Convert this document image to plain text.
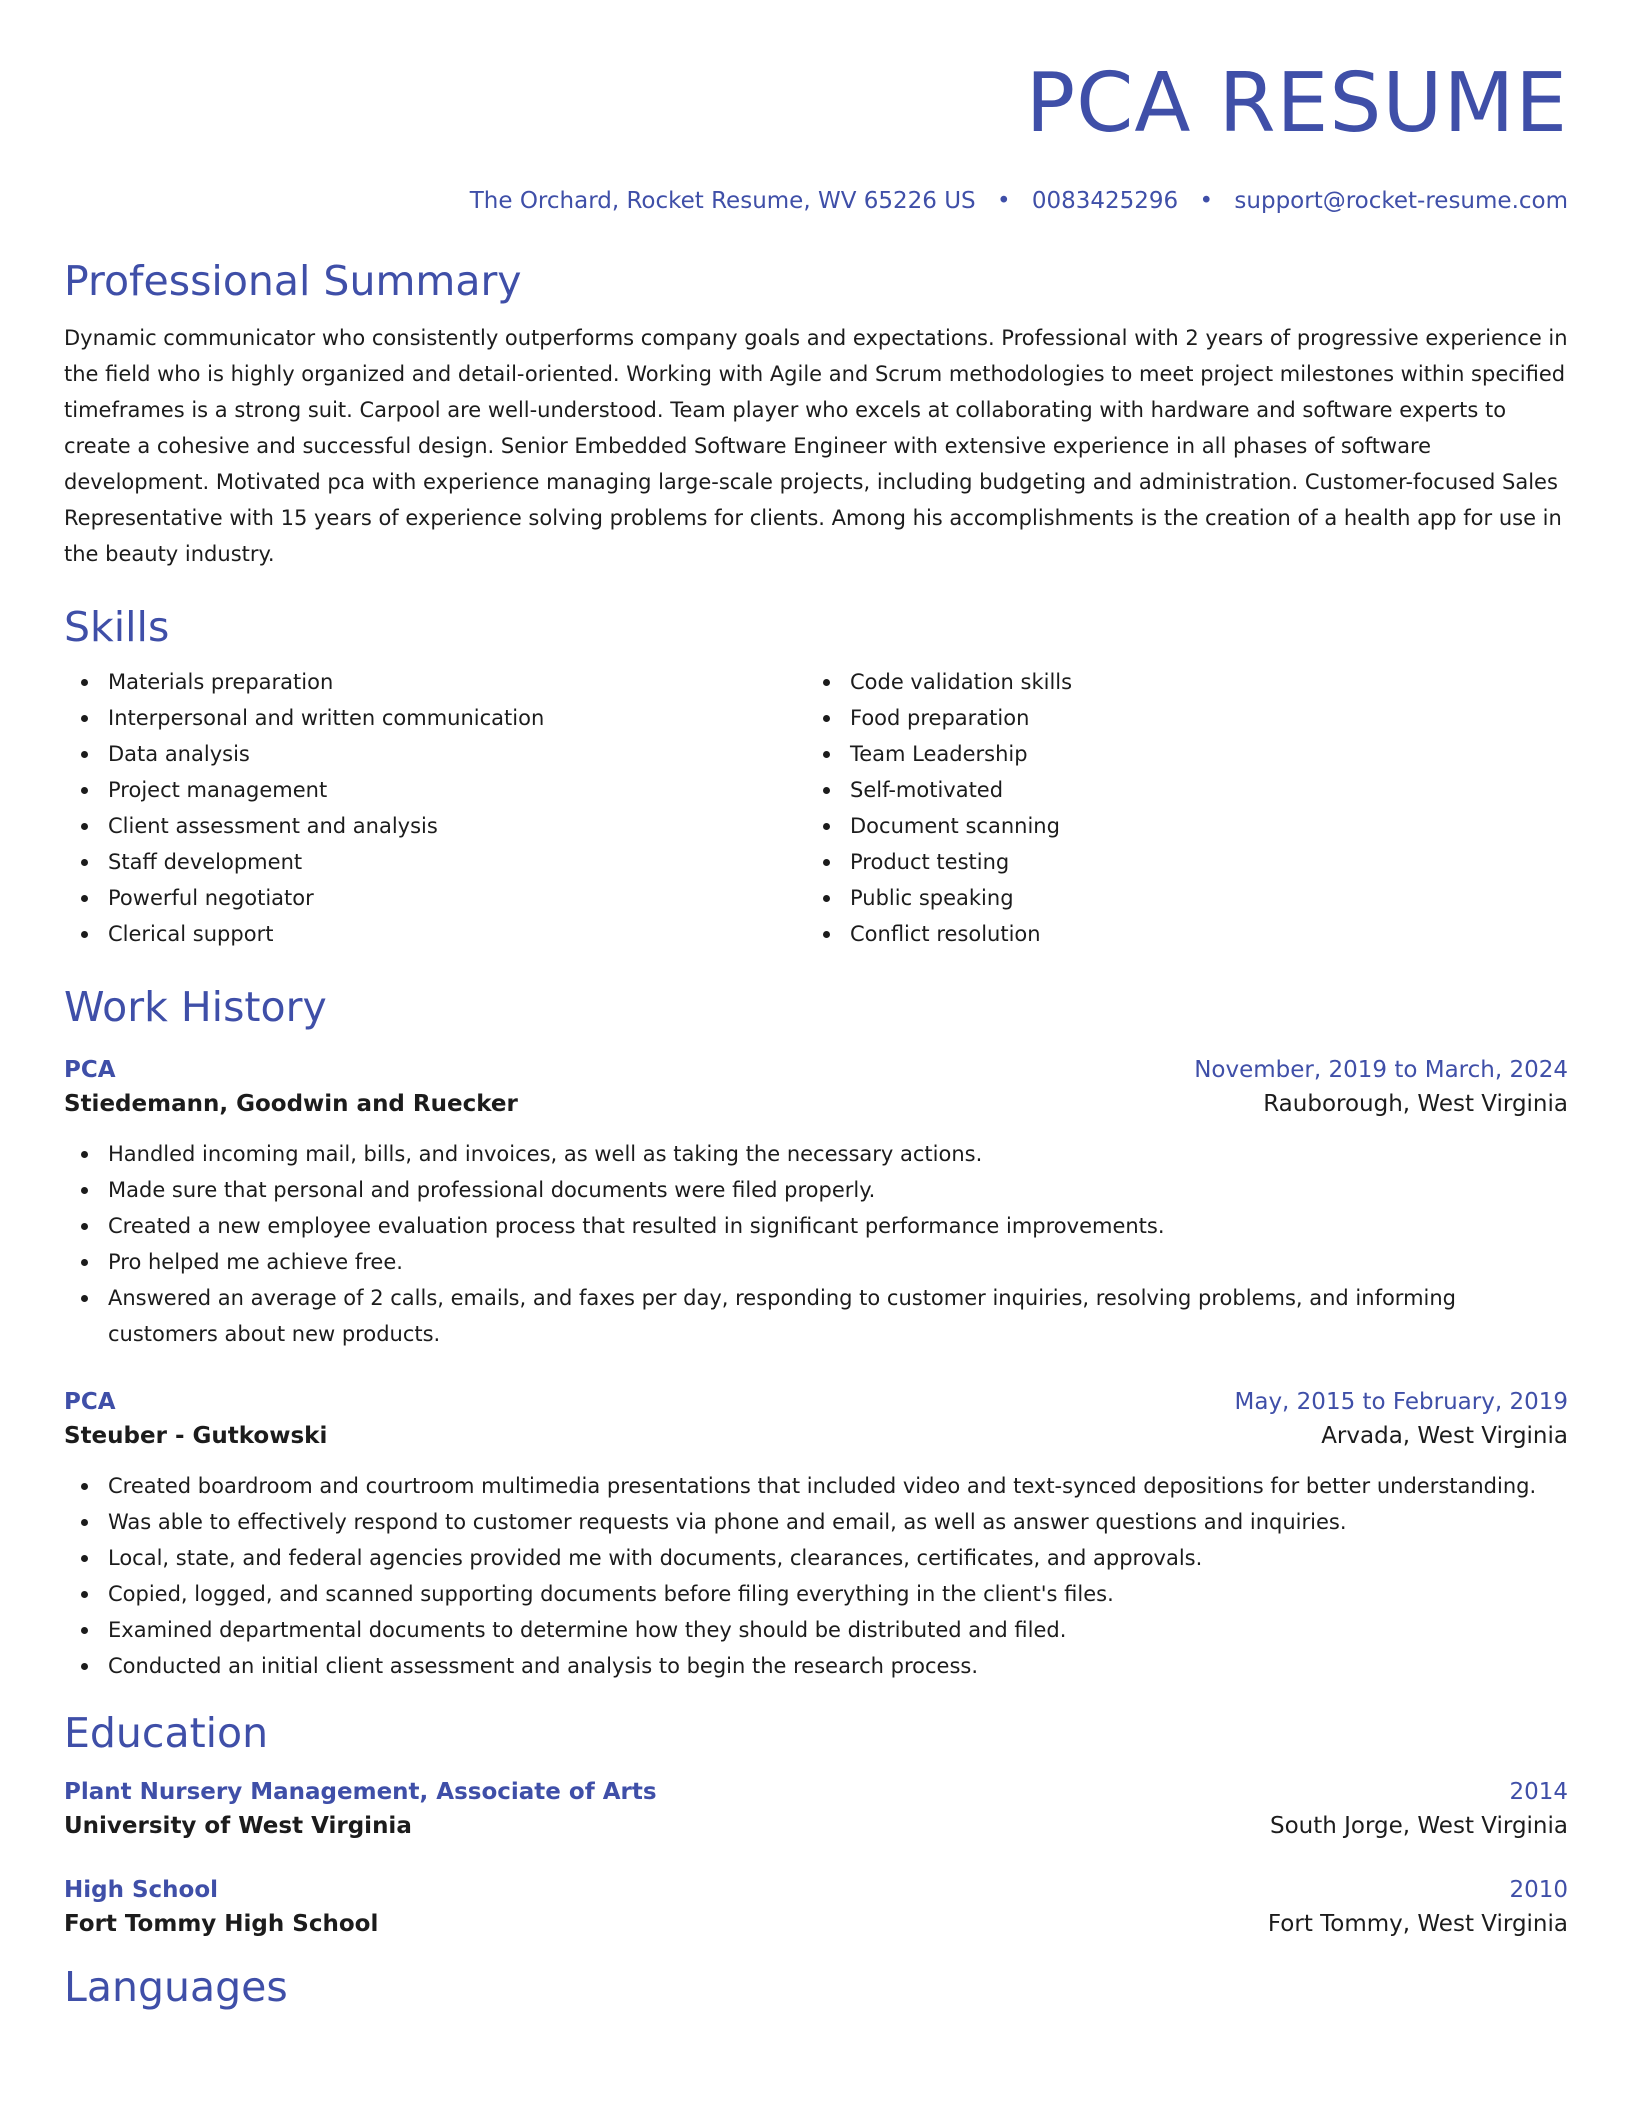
PCA RESUME
The Orchard, Rocket Resume, WV 65226 US • 0083425296 • support@rocket-resume.com
Professional Summary
Dynamic communicator who consistently outperforms company goals and expectations. Professional with 2 years of progressive experience in the field who is highly organized and detail-oriented. Working with Agile and Scrum methodologies to meet project milestones within specified timeframes is a strong suit. Carpool are well-understood. Team player who excels at collaborating with hardware and software experts to create a cohesive and successful design. Senior Embedded Software Engineer with extensive experience in all phases of software development. Motivated pca with experience managing large-scale projects, including budgeting and administration. Customer-focused Sales Representative with 15 years of experience solving problems for clients. Among his accomplishments is the creation of a health app for use in the beauty industry.
Skills
Materials preparation
Interpersonal and written communication
Data analysis
Project management
Client assessment and analysis
Staff development
Powerful negotiator
Clerical support
Code validation skills
Food preparation
Team Leadership
Self-motivated
Document scanning
Product testing
Public speaking
Conflict resolution
Work History
PCA	November, 2019 to March, 2024
Stiedemann, Goodwin and Ruecker	Rauborough, West Virginia
Handled incoming mail, bills, and invoices, as well as taking the necessary actions.
Made sure that personal and professional documents were filed properly.
Created a new employee evaluation process that resulted in significant performance improvements.
Pro helped me achieve free.
Answered an average of 2 calls, emails, and faxes per day, responding to customer inquiries, resolving problems, and informing customers about new products.
PCA	May, 2015 to February, 2019
Steuber - Gutkowski	Arvada, West Virginia
Created boardroom and courtroom multimedia presentations that included video and text-synced depositions for better understanding.
Was able to effectively respond to customer requests via phone and email, as well as answer questions and inquiries.
Local, state, and federal agencies provided me with documents, clearances, certificates, and approvals.
Copied, logged, and scanned supporting documents before filing everything in the client's files.
Examined departmental documents to determine how they should be distributed and filed.
Conducted an initial client assessment and analysis to begin the research process.
Education
Plant Nursery Management, Associate of Arts	2014
University of West Virginia	South Jorge, West Virginia
High School	2010
Fort Tommy High School	Fort Tommy, West Virginia
Languages
